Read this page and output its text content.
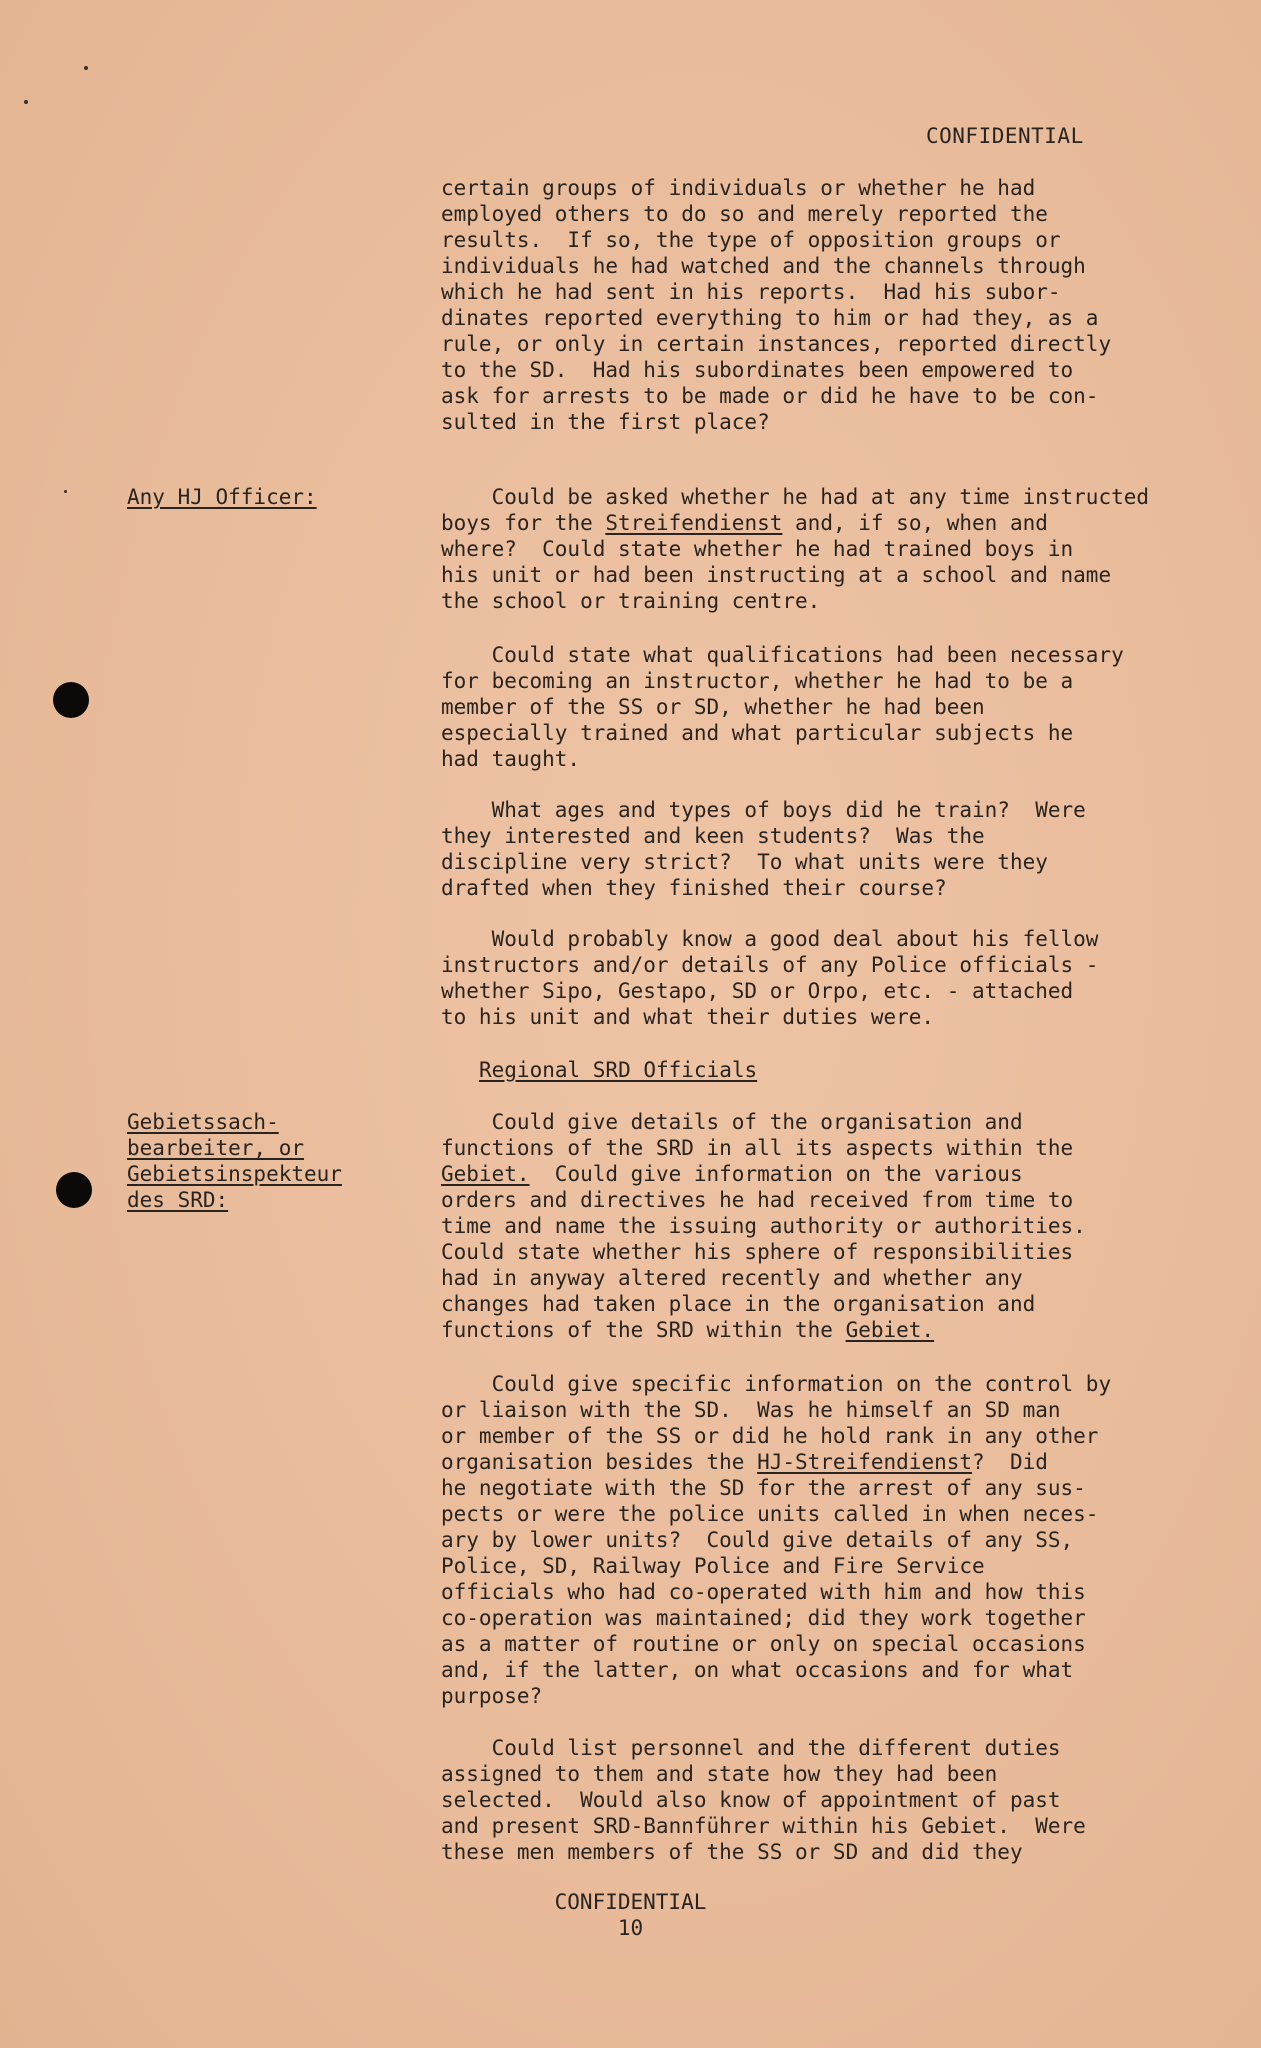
CONFIDENTIAL
certain groups of individuals or whether he had
employed others to do so and merely reported the
results.  If so, the type of opposition groups or
individuals he had watched and the channels through
which he had sent in his reports.  Had his subor-
dinates reported everything to him or had they, as a
rule, or only in certain instances, reported directly
to the SD.  Had his subordinates been empowered to
ask for arrests to be made or did he have to be con-
sulted in the first place?
Any HJ Officer:	Could be asked whether he had at any time instructed
boys for the Streifendienst and, if so, when and
where?  Could state whether he had trained boys in
his unit or had been instructing at a school and name
the school or training centre.
Could state what qualifications had been necessary
for becoming an instructor, whether he had to be a
member of the SS or SD, whether he had been
especially trained and what particular subjects he
had taught.
What ages and types of boys did he train?  Were
they interested and keen students?  Was the
discipline very strict?  To what units were they
drafted when they finished their course?
Would probably know a good deal about his fellow
instructors and/or details of any Police officials -
whether Sipo, Gestapo, SD or Orpo, etc. - attached
to his unit and what their duties were.
Regional SRD Officials
Gebietssach-
bearbeiter, or
Gebietsinspekteur
des SRD:
Could give details of the organisation and
functions of the SRD in all its aspects within the
Gebiet.  Could give information on the various
orders and directives he had received from time to
time and name the issuing authority or authorities.
Could state whether his sphere of responsibilities
had in anyway altered recently and whether any
changes had taken place in the organisation and
functions of the SRD within the Gebiet.
Could give specific information on the control by
or liaison with the SD.  Was he himself an SD man
or member of the SS or did he hold rank in any other
organisation besides the HJ-Streifendienst?  Did
he negotiate with the SD for the arrest of any sus-
pects or were the police units called in when neces-
ary by lower units?  Could give details of any SS,
Police, SD, Railway Police and Fire Service
officials who had co-operated with him and how this
co-operation was maintained; did they work together
as a matter of routine or only on special occasions
and, if the latter, on what occasions and for what
purpose?
Could list personnel and the different duties
assigned to them and state how they had been
selected.  Would also know of appointment of past
and present SRD-Bannführer within his Gebiet.  Were
these men members of the SS or SD and did they
CONFIDENTIAL
10
